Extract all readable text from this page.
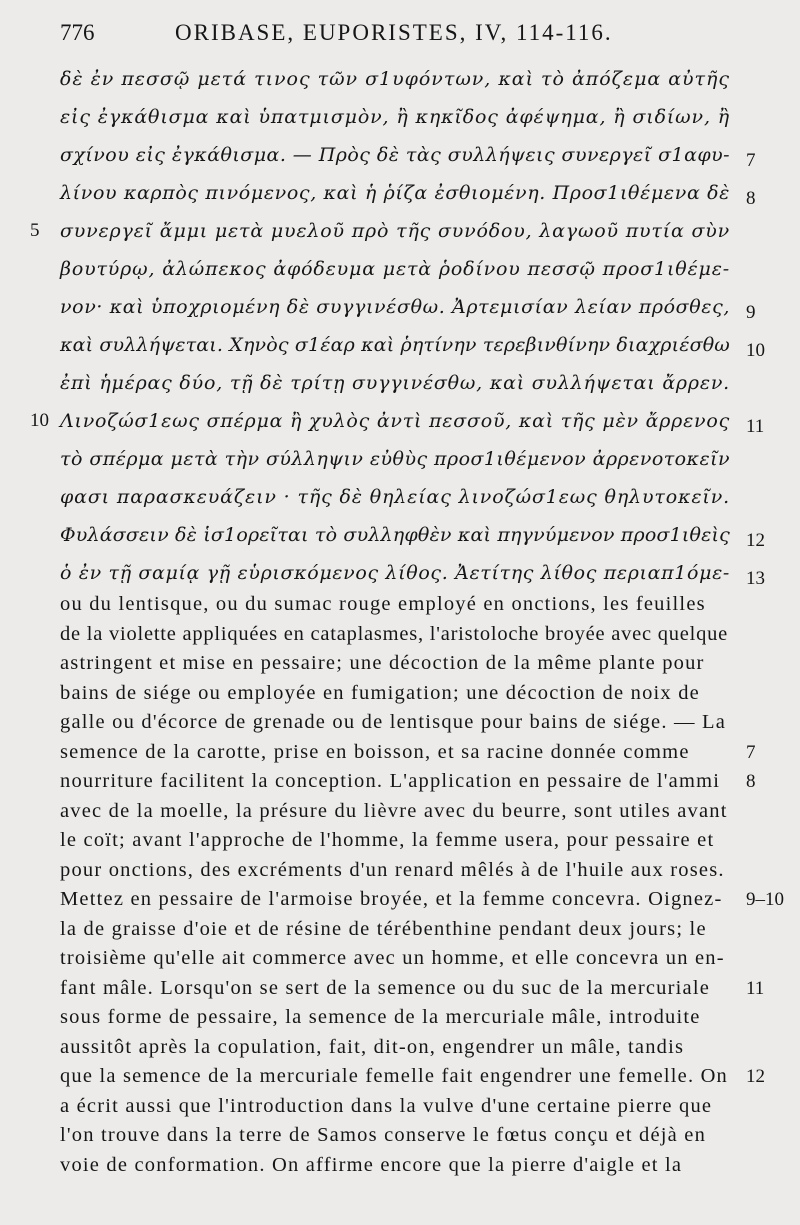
776	ORIBASE, EUPORISTES, IV, 114-116.
δὲ ἐν πεσσῷ μετά τινος τῶν σ1υφόντων, καὶ τὸ ἀπόζεμα αὐτῆς
εἰς ἐγκάθισμα καὶ ὑπατμισμὸν, ἢ κηκῖδος ἀφέψημα, ἢ σιδίων, ἢ
σχίνου εἰς ἐγκάθισμα. — Πρὸς δὲ τὰς συλλήψεις συνεργεῖ σ1αφυ- 7
λίνου καρπὸς πινόμενος, καὶ ἡ ῥίζα ἐσθιομένη. Προσ1ιθέμενα δὲ 8
5 συνεργεῖ ἄμμι μετὰ μυελοῦ πρὸ τῆς συνόδου, λαγωοῦ πυτία σὺν
βουτύρῳ, ἀλώπεκος ἀφόδευμα μετὰ ῥοδίνου πεσσῷ προσ1ιθέμε-
νον· καὶ ὑποχριομένη δὲ συγγινέσθω. Ἀρτεμισίαν λείαν πρόσθες, 9
καὶ συλλήψεται. Χηνὸς σ1έαρ καὶ ῥητίνην τερεβινθίνην διαχριέσθω 10
ἐπὶ ἡμέρας δύο, τῇ δὲ τρίτῃ συγγινέσθω, καὶ συλλήψεται ἄρρεν.
10 Λινοζώσ1εως σπέρμα ἢ χυλὸς ἀντὶ πεσσοῦ, καὶ τῆς μὲν ἄρρενος 11
τὸ σπέρμα μετὰ τὴν σύλληψιν εὐθὺς προσ1ιθέμενον ἀρρενοτοκεῖν
φασι παρασκευάζειν · τῆς δὲ θηλείας λινοζώσ1εως θηλυτοκεῖν.
Φυλάσσειν δὲ ἱσ1ορεῖται τὸ συλληφθὲν καὶ πηγνύμενον προσ1ιθεὶς 12
ὁ ἐν τῇ σαμίᾳ γῇ εὑρισκόμενος λίθος. Ἀετίτης λίθος περιαπ1όμε- 13
ou du lentisque, ou du sumac rouge employé en onctions, les feuilles
de la violette appliquées en cataplasmes, l'aristoloche broyée avec quelque
astringent et mise en pessaire; une décoction de la même plante pour
bains de siége ou employée en fumigation; une décoction de noix de
galle ou d'écorce de grenade ou de lentisque pour bains de siége. — La
semence de la carotte, prise en boisson, et sa racine donnée comme	7
nourriture facilitent la conception. L'application en pessaire de l'ammi 8
avec de la moelle, la présure du lièvre avec du beurre, sont utiles avant
le coït; avant l'approche de l'homme, la femme usera, pour pessaire et
pour onctions, des excréments d'un renard mêlés à de l'huile aux roses.
Mettez en pessaire de l'armoise broyée, et la femme concevra. Oignez- 9–10
la de graisse d'oie et de résine de térébenthine pendant deux jours; le
troisième qu'elle ait commerce avec un homme, et elle concevra un en-
fant mâle. Lorsqu'on se sert de la semence ou du suc de la mercuriale 11
sous forme de pessaire, la semence de la mercuriale mâle, introduite
aussitôt après la copulation, fait, dit-on, engendrer un mâle, tandis
que la semence de la mercuriale femelle fait engendrer une femelle. On 12
a écrit aussi que l'introduction dans la vulve d'une certaine pierre que
l'on trouve dans la terre de Samos conserve le fœtus conçu et déjà en
voie de conformation. On affirme encore que la pierre d'aigle et la
